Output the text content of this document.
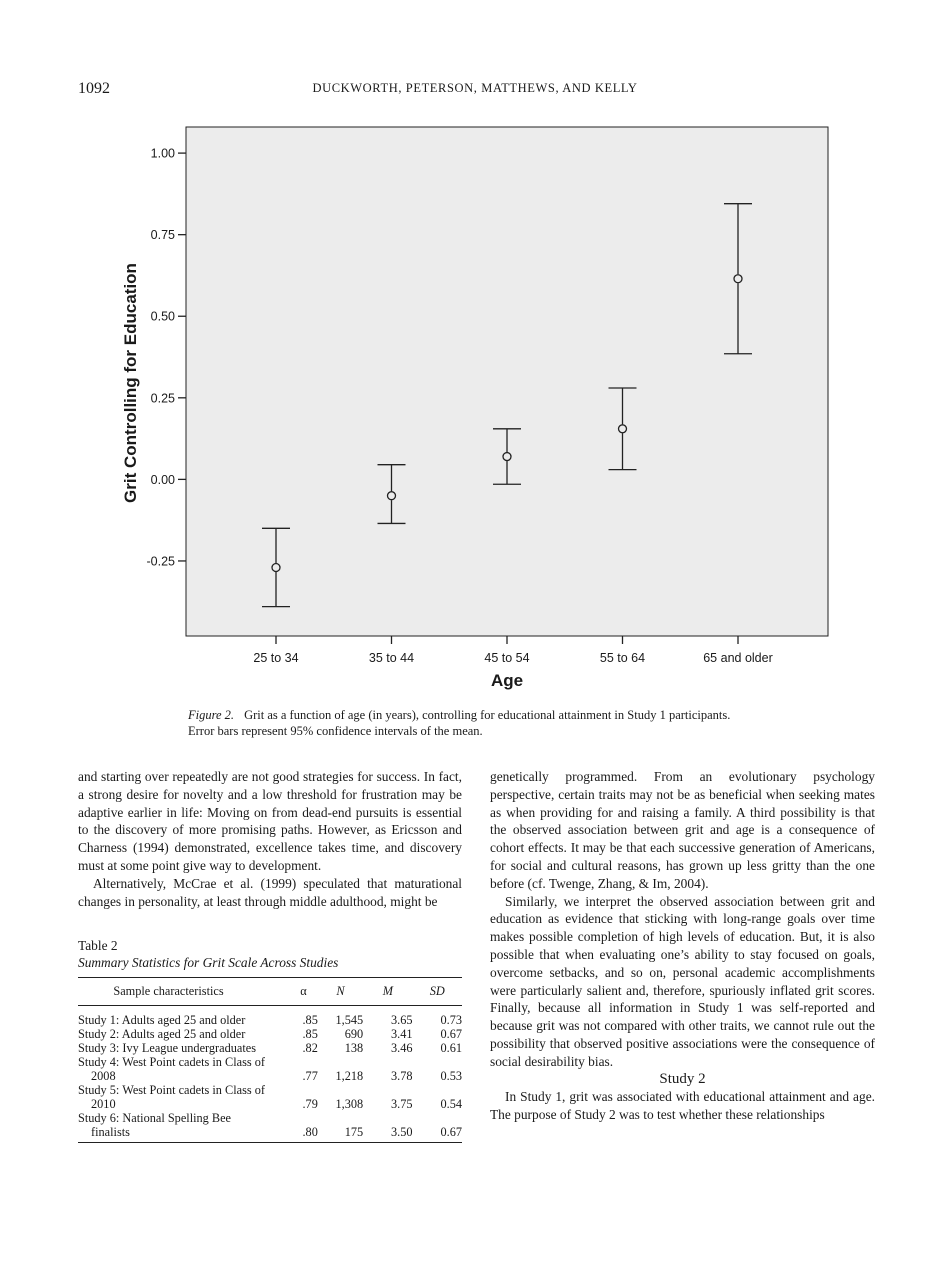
1092	DUCKWORTH, PETERSON, MATTHEWS, AND KELLY
-0.25
0.00
0.25
0.50
0.75
1.00
25 to 34	35 to 44	45 to 54	55 to 64	65 and older
Grit Controlling for Education
Age
Figure 2. Grit as a function of age (in years), controlling for educational attainment in Study 1 participants.
Error bars represent 95% confidence intervals of the mean.

and starting over repeatedly are not good strategies for success. In fact, a strong desire for novelty and a low threshold for frustration may be adaptive earlier in life: Moving on from dead-end pursuits is essential to the discovery of more promising paths. However, as Ericsson and Charness (1994) demonstrated, excellence takes time, and discovery must at some point give way to development.

Alternatively, McCrae et al. (1999) speculated that maturational changes in personality, at least through middle adulthood, might be

Table 2
Summary Statistics for Grit Scale Across Studies
Sample characteristics	α	N	M	SD

Study 1: Adults aged 25 and older	.85	1,545	3.65	0.73

Study 2: Adults aged 25 and older	.85	690	3.41	0.67

Study 3: Ivy League undergraduates	.82	138	3.46	0.61

Study 4: West Point cadets in Class of
2008	.77	1,218	3.78	0.53

Study 5: West Point cadets in Class of
2010	.79	1,308	3.75	0.54

Study 6: National Spelling Bee
finalists	.80	175	3.50	0.67

genetically programmed. From an evolutionary psychology perspective, certain traits may not be as beneficial when seeking mates as when providing for and raising a family. A third possibility is that the observed association between grit and age is a consequence of cohort effects. It may be that each successive generation of Americans, for social and cultural reasons, has grown up less gritty than the one before (cf. Twenge, Zhang, & Im, 2004).

Similarly, we interpret the observed association between grit and education as evidence that sticking with long-range goals over time makes possible completion of high levels of education. But, it is also possible that when evaluating one’s ability to stay focused on goals, overcome setbacks, and so on, personal academic accomplishments were particularly salient and, therefore, spuriously inflated grit scores. Finally, because all information in Study 1 was self-reported and because grit was not compared with other traits, we cannot rule out the possibility that observed positive associations were the consequence of social desirability bias.

Study 2

In Study 1, grit was associated with educational attainment and age. The purpose of Study 2 was to test whether these relationships
